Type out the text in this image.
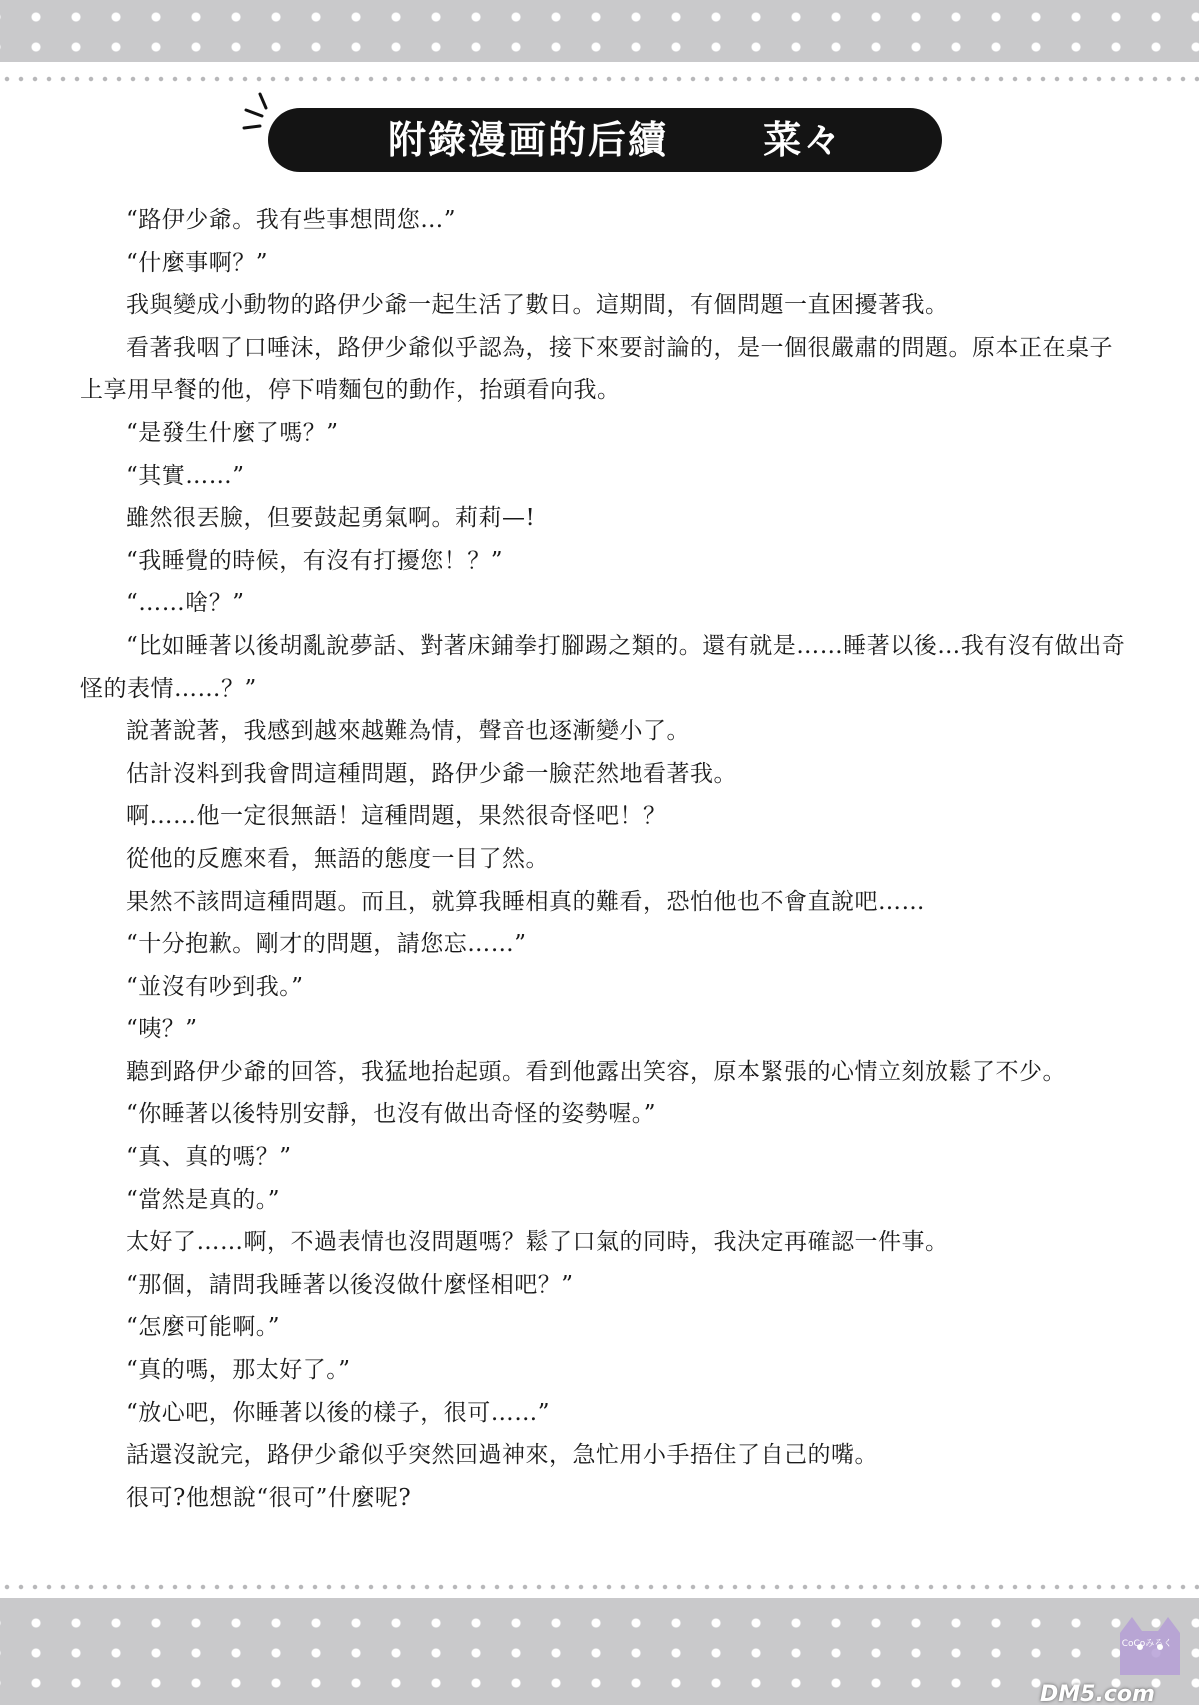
附錄漫画的后續	菜々

“路伊少爺。我有些事想問您…”

“什麼事啊？”

我與變成小動物的路伊少爺一起生活了數日。這期間，有個問題一直困擾著我。

看著我咽了口唾沫，路伊少爺似乎認為，接下來要討論的，是一個很嚴肅的問題。原本正在桌子上享用早餐的他，停下啃麵包的動作，抬頭看向我。

“是發生什麼了嗎？”

“其實……”

雖然很丟臉，但要鼓起勇氣啊。莉莉—!

“我睡覺的時候，有沒有打擾您！？”

“……啥？”

“比如睡著以後胡亂說夢話、對著床鋪拳打腳踢之類的。還有就是……睡著以後…我有沒有做出奇怪的表情……？”

說著說著，我感到越來越難為情，聲音也逐漸變小了。

估計沒料到我會問這種問題，路伊少爺一臉茫然地看著我。

啊……他一定很無語！這種問題，果然很奇怪吧！？

從他的反應來看，無語的態度一目了然。

果然不該問這種問題。而且，就算我睡相真的難看，恐怕他也不會直說吧……

“十分抱歉。剛才的問題，請您忘……”

“並沒有吵到我。”

“咦？”

聽到路伊少爺的回答，我猛地抬起頭。看到他露出笑容，原本緊張的心情立刻放鬆了不少。

“你睡著以後特別安靜，也沒有做出奇怪的姿勢喔。”

“真、真的嗎？”

“當然是真的。”

太好了……啊，不過表情也沒問題嗎？鬆了口氣的同時，我決定再確認一件事。

“那個，請問我睡著以後沒做什麼怪相吧？”

“怎麼可能啊。”

“真的嗎，那太好了。”

“放心吧，你睡著以後的樣子，很可……”

話還沒說完，路伊少爺似乎突然回過神來，急忙用小手捂住了自己的嘴。

很可?他想說“很可”什麼呢?

CoCoみるく
DM5.com
